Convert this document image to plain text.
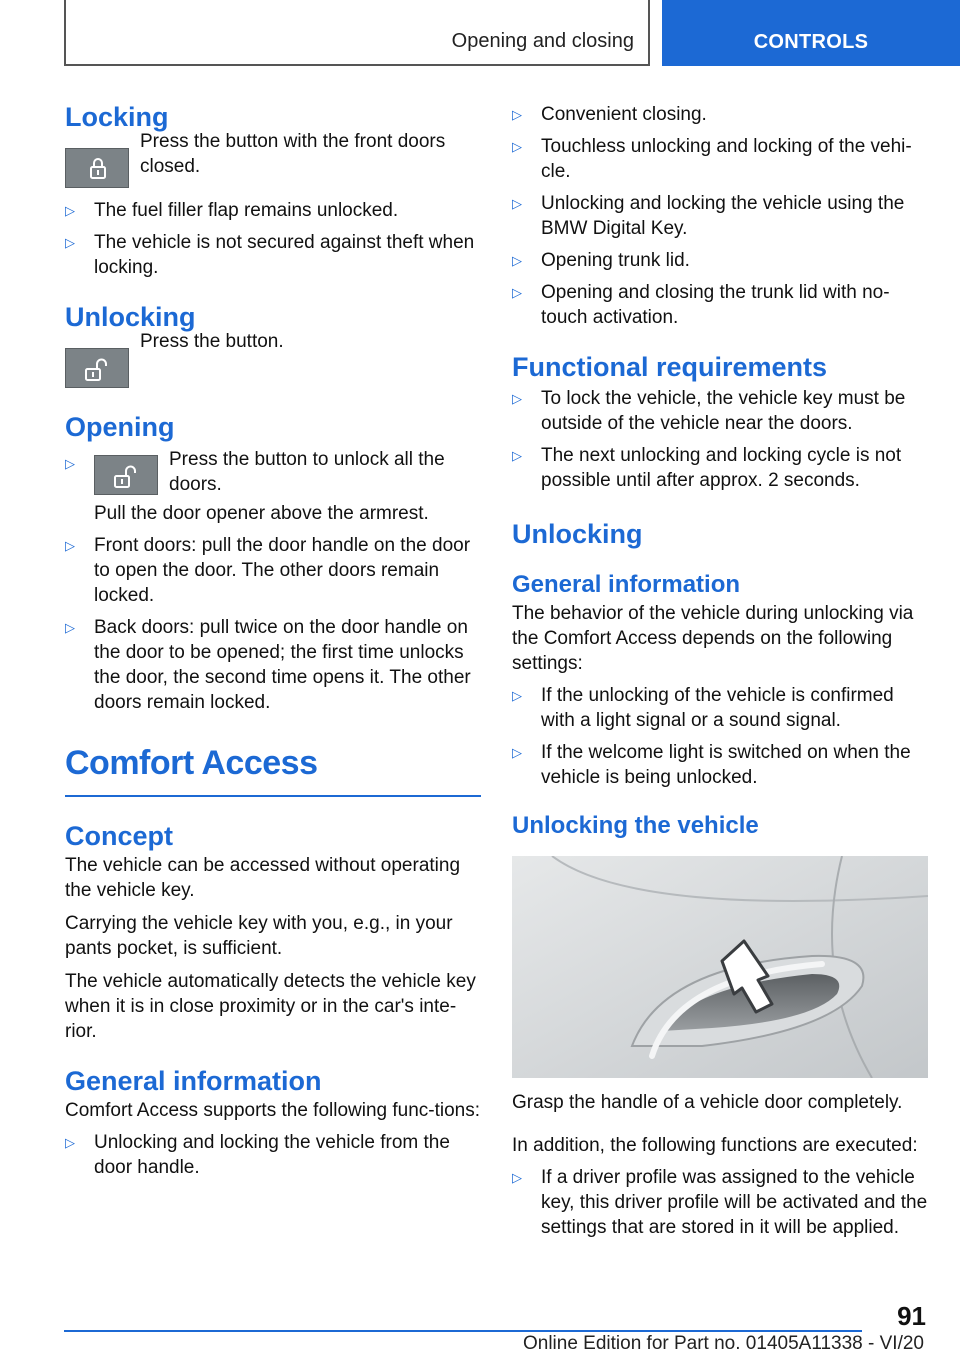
Opening and closing	CONTROLS
Locking

Press the button with the front doors closed.

▷ The fuel filler flap remains unlocked.
▷ The vehicle is not secured against theft when locking.
Unlocking

Press the button.

Opening
▷	Press the button to unlock all the doors.

Pull the door opener above the armrest.

▷ Front doors: pull the door handle on the door to open the door. The other doors remain locked.
▷ Back doors: pull twice on the door handle on the door to be opened; the first time unlocks the door, the second time opens it. The other doors remain locked.
Comfort Access
Concept

The vehicle can be accessed without operating the vehicle key.

Carrying the vehicle key with you, e.g., in your pants pocket, is sufficient.

The vehicle automatically detects the vehicle key when it is in close proximity or in the car's inte-rior.

General information

Comfort Access supports the following func-tions:

▷ Unlocking and locking the vehicle from the door handle.
▷ Convenient closing.
▷ Touchless unlocking and locking of the vehi-cle.
▷ Unlocking and locking the vehicle using the BMW Digital Key.
▷ Opening trunk lid.
▷ Opening and closing the trunk lid with no-touch activation.
Functional requirements
▷ To lock the vehicle, the vehicle key must be outside of the vehicle near the doors.
▷ The next unlocking and locking cycle is not possible until after approx. 2 seconds.
Unlocking
General information

The behavior of the vehicle during unlocking via the Comfort Access depends on the following settings:

▷ If the unlocking of the vehicle is confirmed with a light signal or a sound signal.
▷ If the welcome light is switched on when the vehicle is being unlocked.
Unlocking the vehicle

Grasp the handle of a vehicle door completely.

In addition, the following functions are executed:

▷ If a driver profile was assigned to the vehicle key, this driver profile will be activated and the settings that are stored in it will be applied.
91
Online Edition for Part no. 01405A11338 - VI/20
